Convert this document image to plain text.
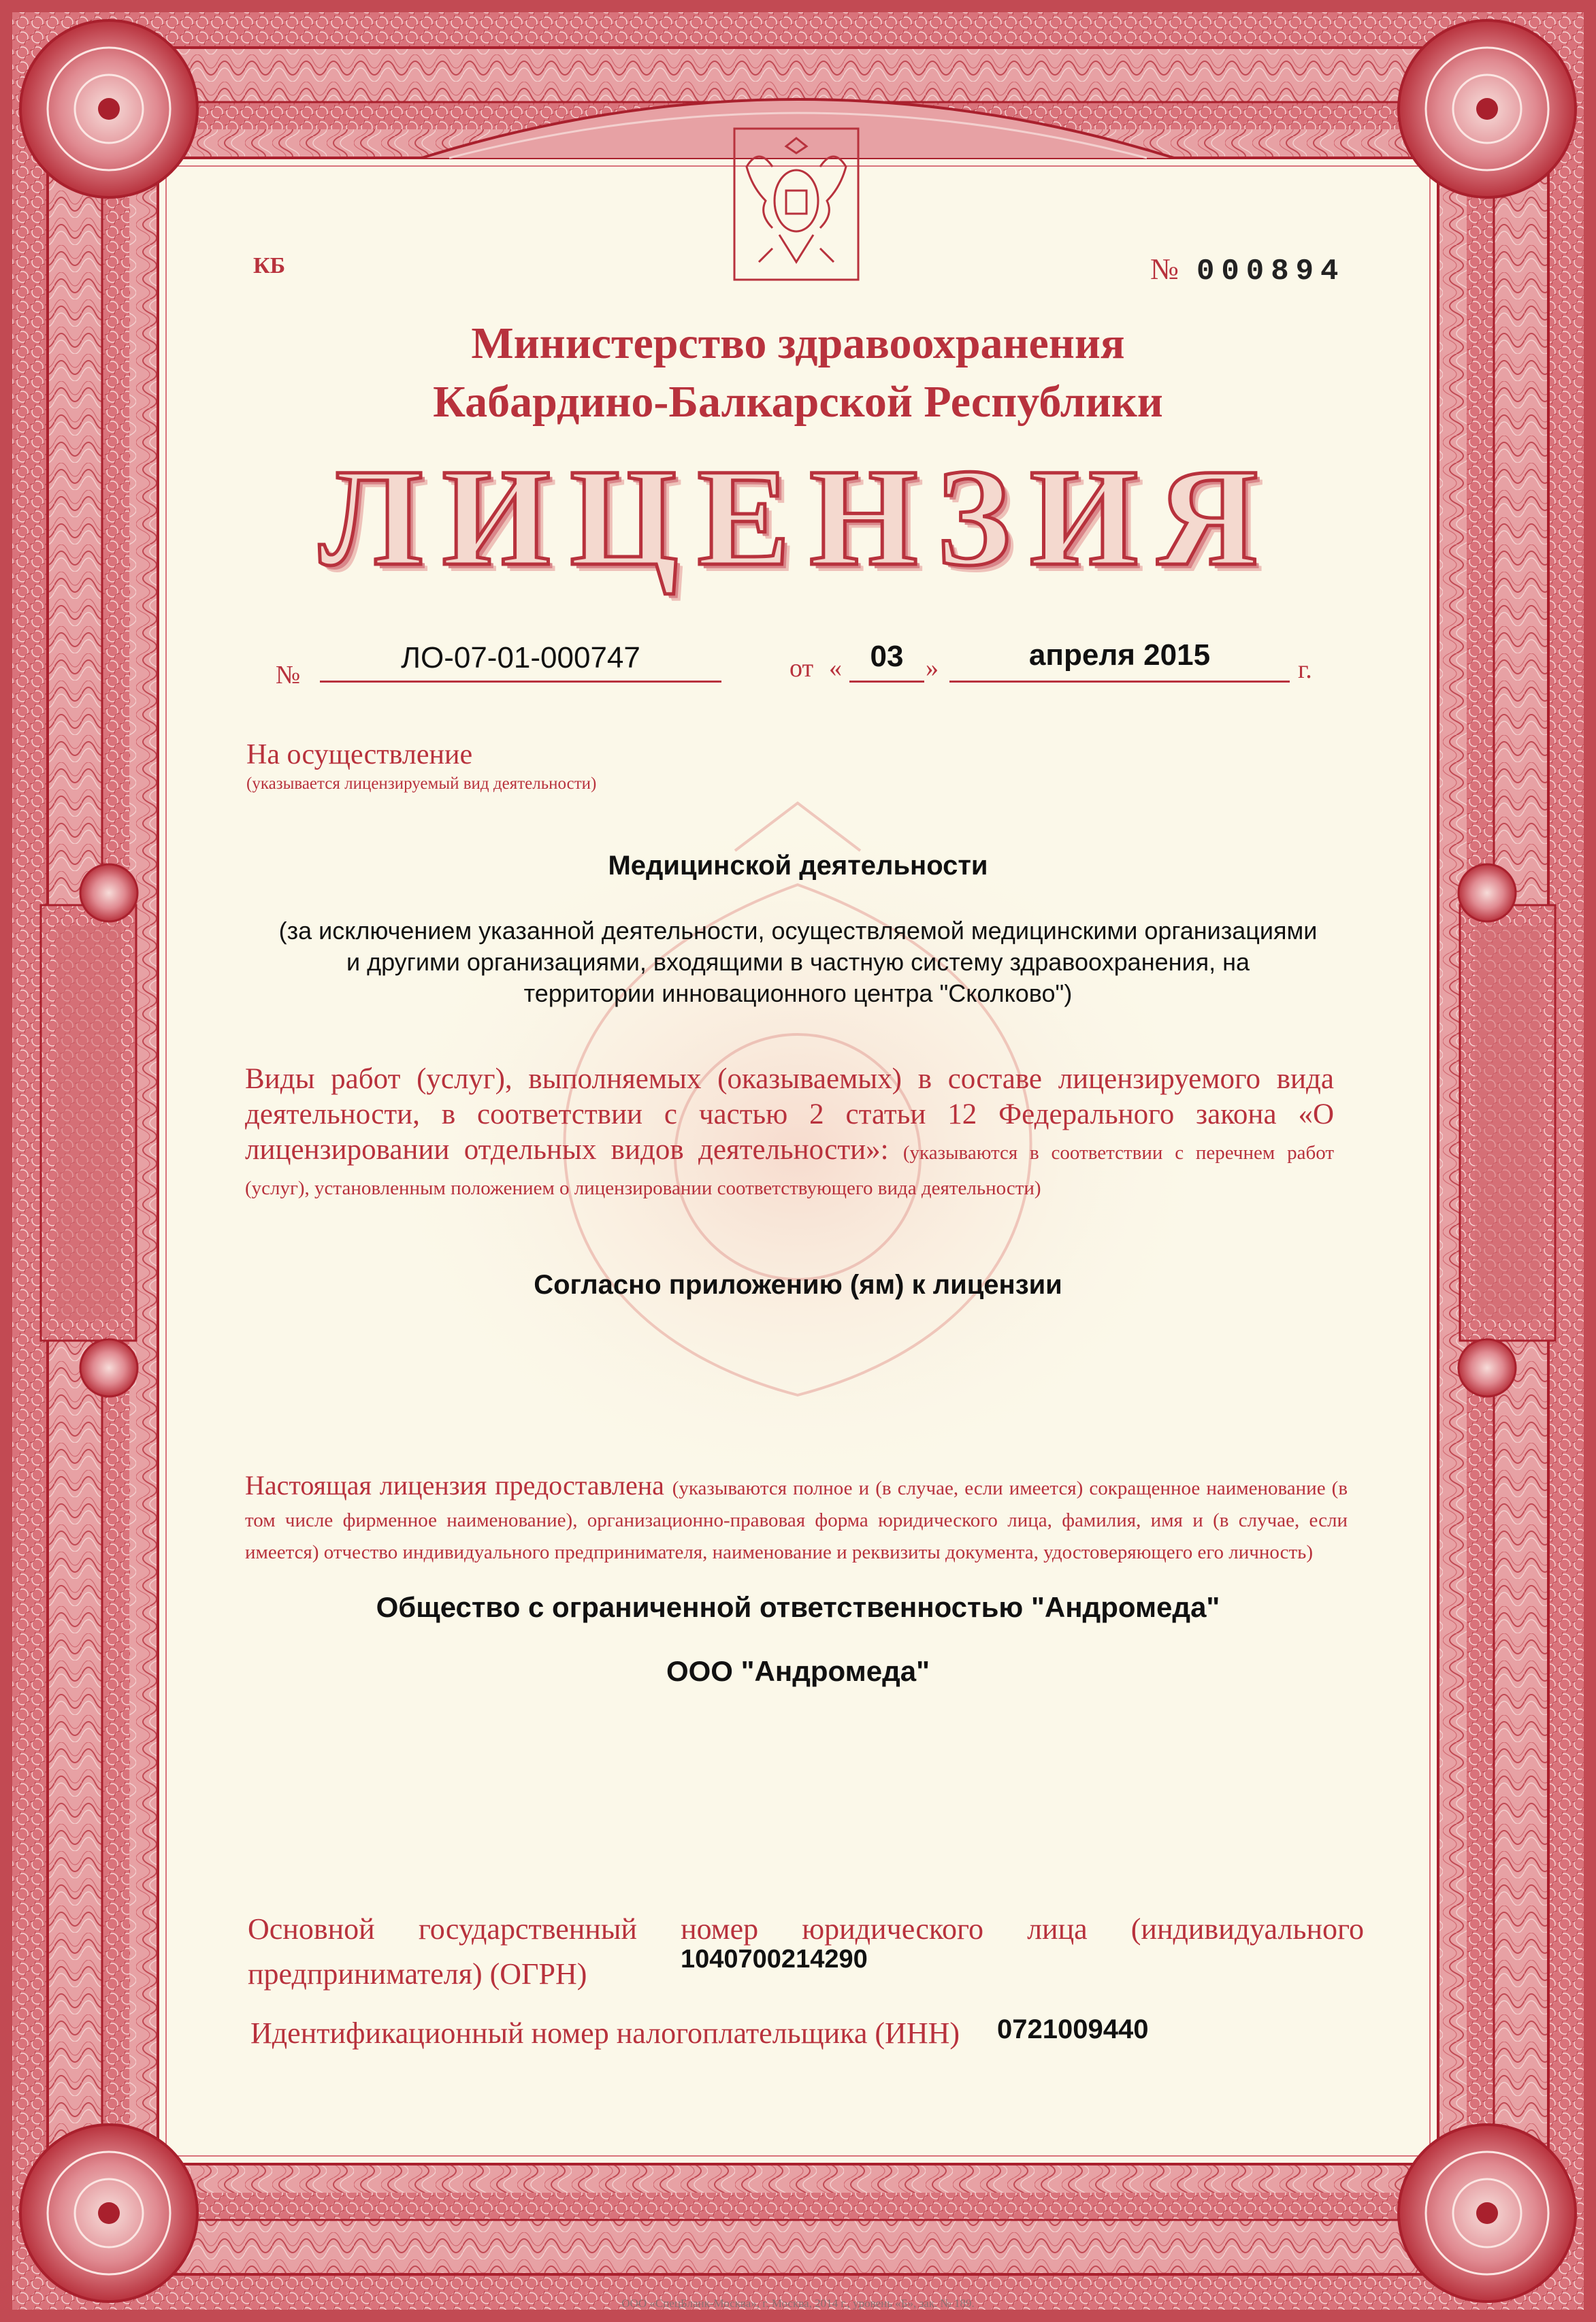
КБ	№ 000894
Министерство здравоохранения
Кабардино-Балкарской Республики
ЛИЦЕНЗИЯ
№
ЛО-07-01-000747	от « 03 »	апреля 2015	г.
На осуществление
(указывается лицензируемый вид деятельности)
Медицинской деятельности
(за исключением указанной деятельности, осуществляемой медицинскими организациями
и другими организациями, входящими в частную систему здравоохранения, на
территории инновационного центра "Сколково")
Виды работ (услуг), выполняемых (оказываемых) в составе лицензируемого вида деятельности, в соответствии с частью 2 статьи 12 Федерального закона «О лицензировании отдельных видов деятельности»: (указываются в соответствии с перечнем работ (услуг), установленным положением о лицензировании соответствующего вида деятельности)
Согласно приложению (ям) к лицензии
Настоящая лицензия предоставлена (указываются полное и (в случае, если имеется) сокращенное наименование (в том числе фирменное наименование), организационно-правовая форма юридического лица, фамилия, имя и (в случае, если имеется) отчество индивидуального предпринимателя, наименование и реквизиты документа, удостоверяющего его личность)
Общество с ограниченной ответственностью "Андромеда"
ООО "Андромеда"
Основной государственный номер юридического лица (индивидуального предпринимателя) (ОГРН)	1040700214290
Идентификационный номер налогоплательщика (ИНН) 0721009440
ООО «СпецБланк-Москва», г. Москва, 2014 г., уровень «Б», зак. № 189.
